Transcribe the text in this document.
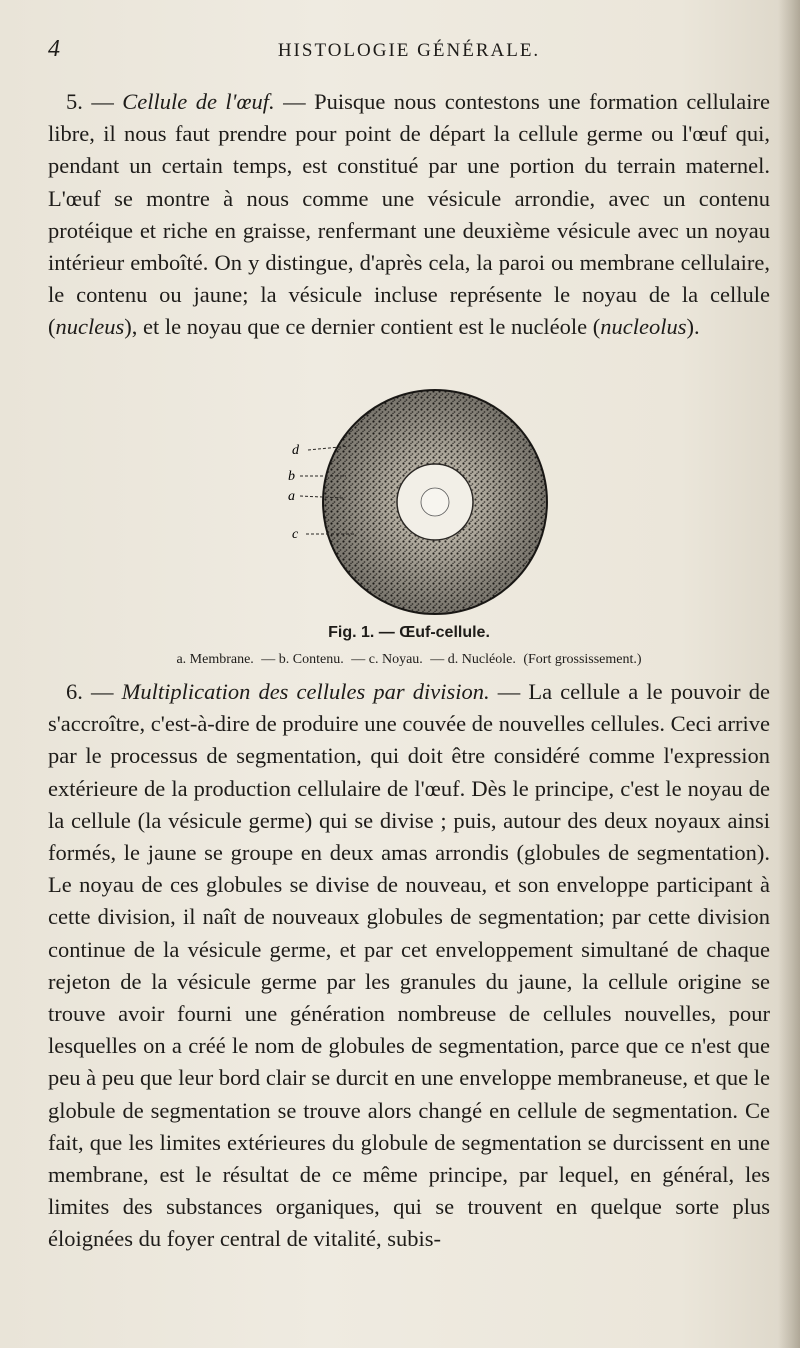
4	HISTOLOGIE GÉNÉRALE.

5. — Cellule de l'œuf. — Puisque nous contestons une formation cellulaire libre, il nous faut prendre pour point de départ la cellule germe ou l'œuf qui, pendant un certain temps, est constitué par une portion du terrain maternel. L'œuf se montre à nous comme une vésicule arrondie, avec un contenu protéique et riche en graisse, renfermant une deuxième vésicule avec un noyau intérieur emboîté. On y distingue, d'après cela, la paroi ou membrane cellulaire, le contenu ou jaune; la vésicule incluse représente le noyau de la cellule (nucleus), et le noyau que ce dernier contient est le nucléole (nucleolus).

d
b
a
c
Fig. 1. — Œuf-cellule.
a. Membrane. — b. Contenu. — c. Noyau. — d. Nucléole. (Fort grossissement.)

6. — Multiplication des cellules par division. — La cellule a le pouvoir de s'accroître, c'est-à-dire de produire une couvée de nouvelles cellules. Ceci arrive par le processus de segmentation, qui doit être considéré comme l'expression extérieure de la production cellulaire de l'œuf. Dès le principe, c'est le noyau de la cellule (la vésicule germe) qui se divise ; puis, autour des deux noyaux ainsi formés, le jaune se groupe en deux amas arrondis (globules de segmentation). Le noyau de ces globules se divise de nouveau, et son enveloppe participant à cette division, il naît de nouveaux globules de segmentation; par cette division continue de la vésicule germe, et par cet enveloppement simultané de chaque rejeton de la vésicule germe par les granules du jaune, la cellule origine se trouve avoir fourni une génération nombreuse de cellules nouvelles, pour lesquelles on a créé le nom de globules de segmentation, parce que ce n'est que peu à peu que leur bord clair se durcit en une enveloppe membraneuse, et que le globule de segmentation se trouve alors changé en cellule de segmentation. Ce fait, que les limites extérieures du globule de segmentation se durcissent en une membrane, est le résultat de ce même principe, par lequel, en général, les limites des substances organiques, qui se trouvent en quelque sorte plus éloignées du foyer central de vitalité, subis-
